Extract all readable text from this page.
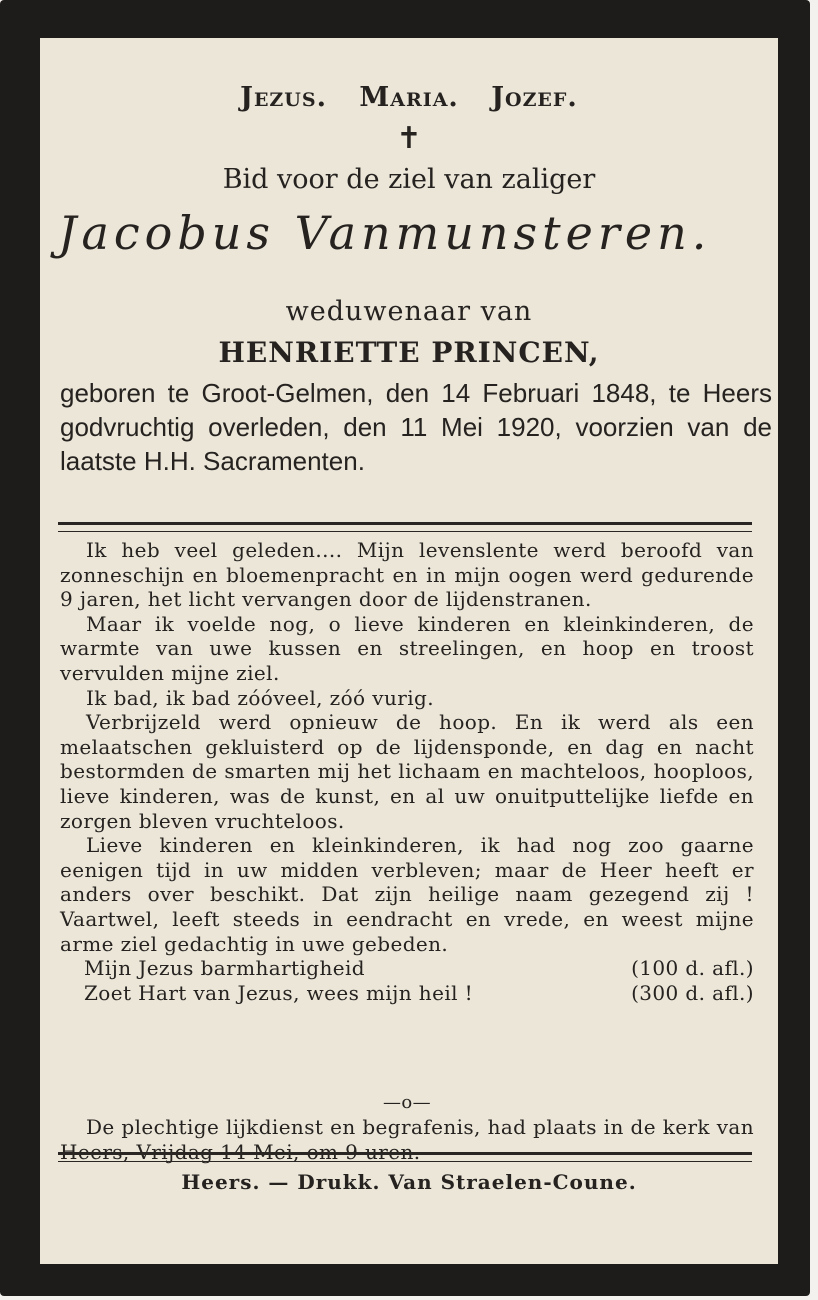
Jezus. Maria. Jozef.
✝
Bid voor de ziel van zaliger
Jacobus Vanmunsteren.
weduwenaar van
HENRIETTE PRINCEN,
geboren te Groot-Gelmen, den 14 Februari 1848, te Heers godvruchtig overleden, den 11 Mei 1920, voorzien van de laatste H.H. Sacramenten.

Ik heb veel geleden.... Mijn levenslente werd beroofd van zonneschijn en bloemenpracht en in mijn oogen werd gedurende 9 jaren, het licht vervangen door de lijdenstranen.

Maar ik voelde nog, o lieve kinderen en kleinkinderen, de warmte van uwe kussen en streelingen, en hoop en troost vervulden mijne ziel.

Ik bad, ik bad zóóveel, zóó vurig.

Verbrijzeld werd opnieuw de hoop. En ik werd als een melaatschen gekluisterd op de lijdensponde, en dag en nacht bestormden de smarten mij het lichaam en machteloos, hooploos, lieve kinderen, was de kunst, en al uw onuitputtelijke liefde en zorgen bleven vruchteloos.

Lieve kinderen en kleinkinderen, ik had nog zoo gaarne eenigen tijd in uw midden verbleven; maar de Heer heeft er anders over beschikt. Dat zijn heilige naam gezegend zij ! Vaartwel, leeft steeds in eendracht en vrede, en weest mijne arme ziel gedachtig in uwe gebeden.

Mijn Jezus barmhartigheid	(100 d. afl.)
Zoet Hart van Jezus, wees mijn heil !	(300 d. afl.)
—o—
De plechtige lijkdienst en begrafenis, had plaats in de kerk van Heers, Vrijdag 14 Mei, om 9 uren.
Heers. — Drukk. Van Straelen-Coune.
